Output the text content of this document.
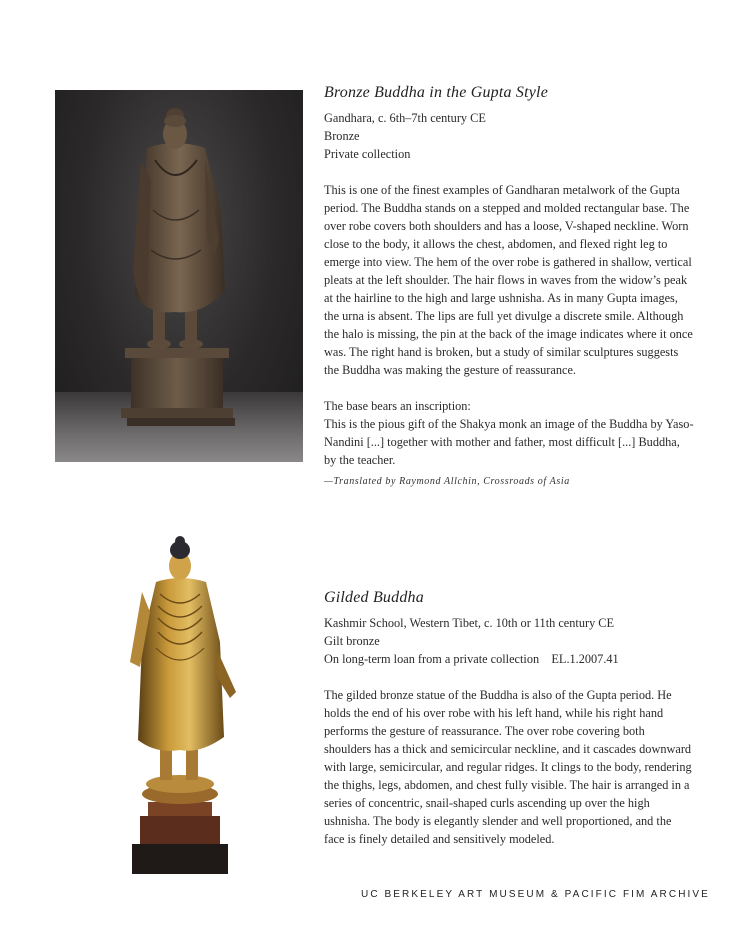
Bronze Buddha in the Gupta Style

Gandhara, c. 6th–7th century CE

Bronze

Private collection

This is one of the finest examples of Gandharan metalwork of the Gupta period. The Buddha stands on a stepped and molded rectangular base. The over robe covers both shoulders and has a loose, V-shaped neckline. Worn close to the body, it allows the chest, abdomen, and flexed right leg to emerge into view. The hem of the over robe is gathered in shallow, vertical pleats at the left shoulder. The hair flows in waves from the widow’s peak at the hairline to the high and large ushnisha. As in many Gupta images, the urna is absent. The lips are full yet divulge a discrete smile. Although the halo is missing, the pin at the back of the image indicates where it once was. The right hand is broken, but a study of similar sculptures suggests the Buddha was making the gesture of reassurance.

The base bears an inscription:

This is the pious gift of the Shakya monk an image of the Buddha by Yaso-Nandini [...] together with mother and father, most difficult [...] Buddha, by the teacher.

—Translated by Raymond Allchin, Crossroads of Asia

Gilded Buddha

Kashmir School, Western Tibet, c. 10th or 11th century CE

Gilt bronze

On long-term loan from a private collection    EL.1.2007.41

The gilded bronze statue of the Buddha is also of the Gupta period. He holds the end of his over robe with his left hand, while his right hand performs the gesture of reassurance. The over robe covering both shoulders has a thick and semicircular neckline, and it cascades downward with large, semicircular, and regular ridges. It clings to the body, rendering the thighs, legs, abdomen, and chest fully visible. The hair is arranged in a series of concentric, snail-shaped curls ascending up over the high ushnisha. The body is elegantly slender and well proportioned, and the face is finely detailed and sensitively modeled.

UC BERKELEY ART MUSEUM & PACIFIC FIM ARCHIVE
